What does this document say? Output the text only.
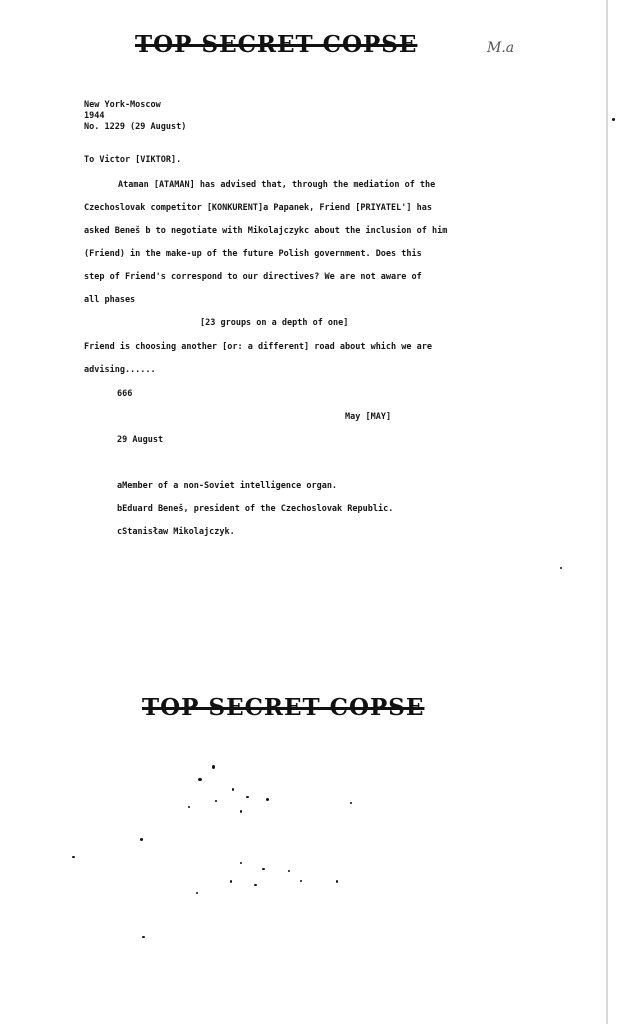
TOP SECRET COPSE	M.a
New York-Moscow
1944
No. 1229 (29 August)
To Victor [VIKTOR].
Ataman [ATAMAN] has advised that, through the mediation of the
Czechoslovak competitor [KONKURENT]a Papanek, Friend [PRIYATEL'] has
asked Beneš b to negotiate with Mikolajczykc about the inclusion of him
(Friend) in the make-up of the future Polish government. Does this
step of Friend's correspond to our directives? We are not aware of
all phases
[23 groups on a depth of one]
Friend is choosing another [or: a different] road about which we are
advising......
666
May [MAY]
29 August
aMember of a non-Soviet intelligence organ.
bEduard Beneš, president of the Czechoslovak Republic.
cStanisław Mikolajczyk.
TOP SECRET COPSE
